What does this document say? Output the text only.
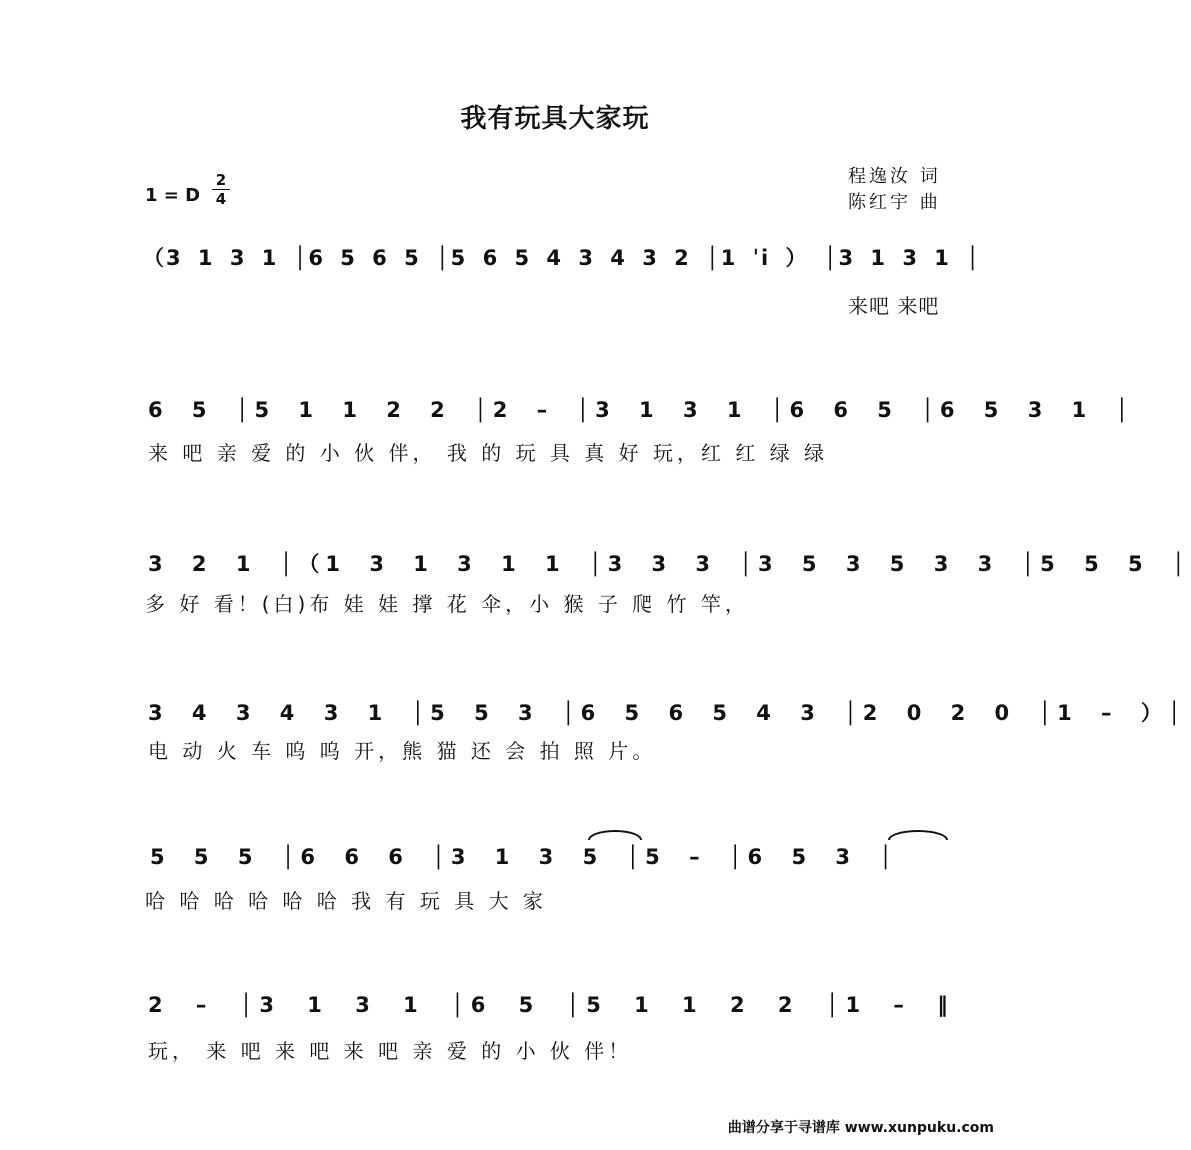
我有玩具大家玩
1 = D
2
4
程逸汝 词
陈红宇 曲
（3 1 3 1 │6 5 6 5 │5 6 5 4 3 4 3 2 │1 ˈi ） │3 1 3 1 │
来吧 来吧
6 5 │5 1 1 2 2 │2 – │3 1 3 1 │6 6 5 │6 5 3 1 │
来 吧 亲 爱 的 小 伙 伴， 我 的 玩 具 真 好 玩，红 红 绿 绿
3 2 1 │（1 3 1 3 1 1 │3 3 3 │3 5 3 5 3 3 │5 5 5 │
多 好 看！(白)布 娃 娃 撑 花 伞，小 猴 子 爬 竹 竿，
3 4 3 4 3 1 │5 5 3 │6 5 6 5 4 3 │2 0 2 0 │1 – ）│
电 动 火 车 呜 呜 开，熊 猫 还 会 拍 照 片。
5 5 5 │6 6 6 │3 1 3 5 │5 – │6 5 3 │
哈 哈 哈 哈 哈 哈 我 有 玩 具 大 家
2 – │3 1 3 1 │6 5 │5 1 1 2 2 │1 – ‖
玩， 来 吧 来 吧 来 吧 亲 爱 的 小 伙 伴！
曲谱分享于寻谱库 www.xunpuku.com
